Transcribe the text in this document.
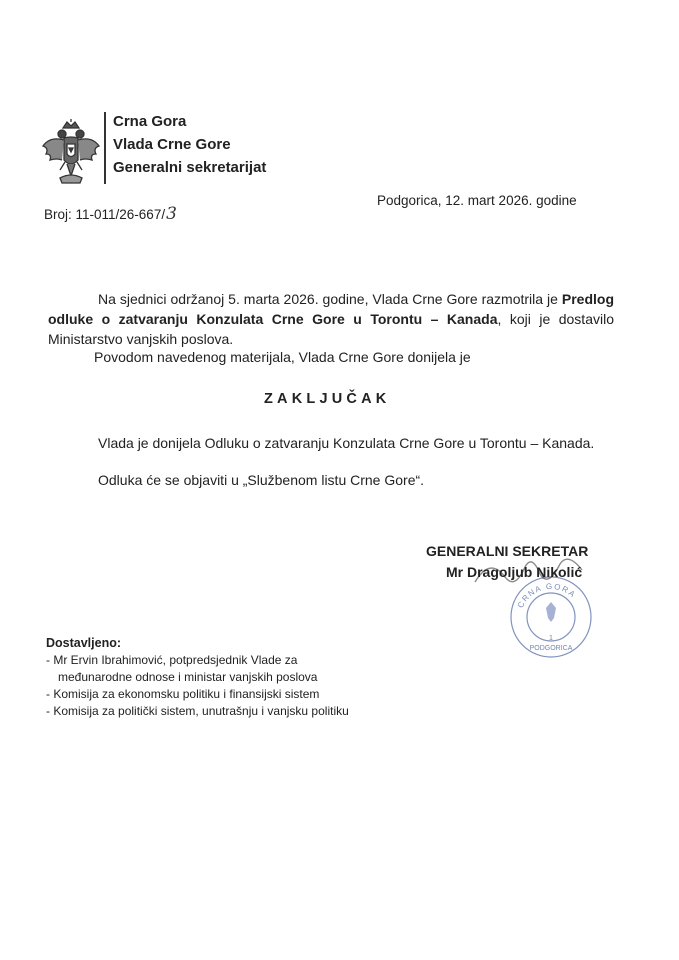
Crna Gora
Vlada Crne Gore
Generalni sekretarijat
Broj: 11-011/26-667/3
Podgorica, 12. mart 2026. godine

Na sjednici održanoj 5. marta 2026. godine, Vlada Crne Gore razmotrila je Predlog odluke o zatvaranju Konzulata Crne Gore u Torontu – Kanada, koji je dostavilo Ministarstvo vanjskih poslova.

Povodom navedenog materijala, Vlada Crne Gore donijela je
ZAKLJUČAK

Vlada je donijela Odluku o zatvaranju Konzulata Crne Gore u Torontu – Kanada.

Odluka će se objaviti u „Službenom listu Crne Gore“.
CRNA GORA
1
PODGORICA
GENERALNI SEKRETAR
Mr Dragoljub Nikolić
Dostavljeno:
- Mr Ervin Ibrahimović, potpredsjednik Vlade za
međunarodne odnose i ministar vanjskih poslova
- Komisija za ekonomsku politiku i finansijski sistem
- Komisija za politički sistem, unutrašnju i vanjsku politiku
